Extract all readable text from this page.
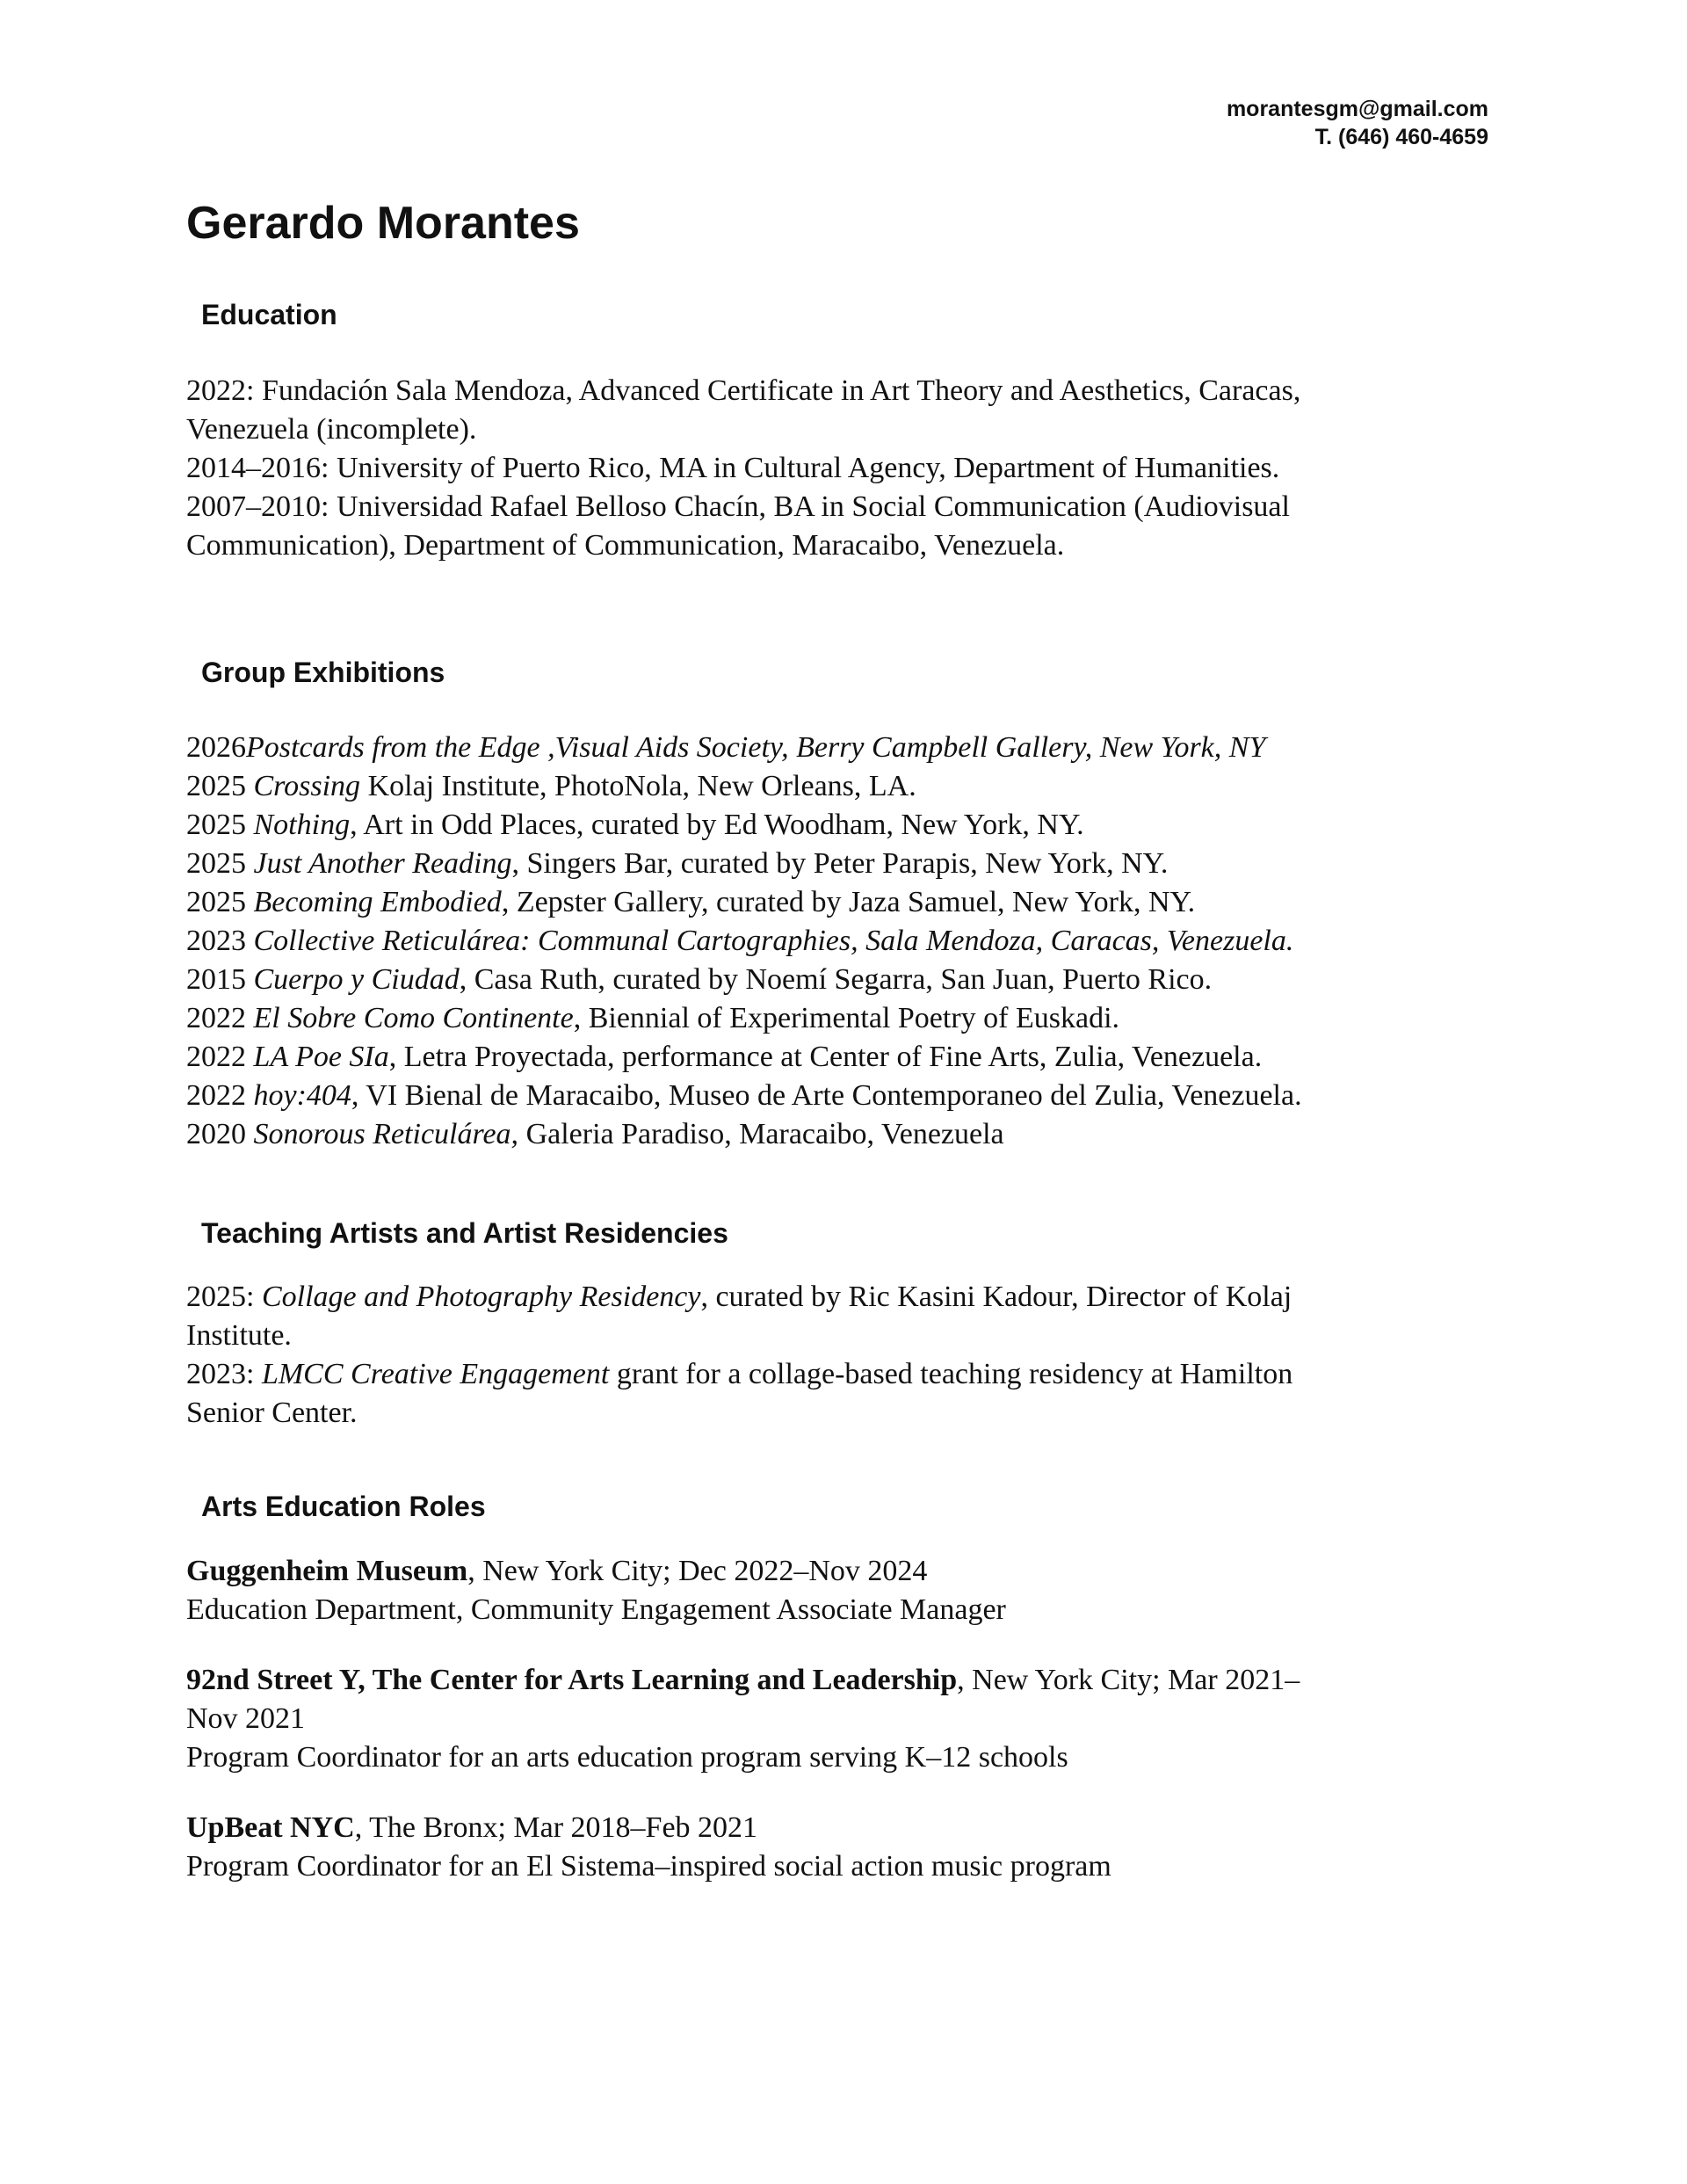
morantesgm@gmail.com
T. (646) 460-4659
Gerardo Morantes
Education
2022: Fundación Sala Mendoza, Advanced Certificate in Art Theory and Aesthetics, Caracas,
Venezuela (incomplete).
2014–2016: University of Puerto Rico, MA in Cultural Agency, Department of Humanities.
2007–2010: Universidad Rafael Belloso Chacín, BA in Social Communication (Audiovisual
Communication), Department of Communication, Maracaibo, Venezuela.
Group Exhibitions
2026Postcards from the Edge ,Visual Aids Society, Berry Campbell Gallery, New York, NY
2025 Crossing Kolaj Institute, PhotoNola, New Orleans, LA.
2025 Nothing, Art in Odd Places, curated by Ed Woodham, New York, NY.
2025 Just Another Reading, Singers Bar, curated by Peter Parapis, New York, NY.
2025 Becoming Embodied, Zepster Gallery, curated by Jaza Samuel, New York, NY.
2023 Collective Reticulárea: Communal Cartographies, Sala Mendoza, Caracas, Venezuela.
2015 Cuerpo y Ciudad, Casa Ruth, curated by Noemí Segarra, San Juan, Puerto Rico.
2022 El Sobre Como Continente, Biennial of Experimental Poetry of Euskadi.
2022 LA Poe SIa, Letra Proyectada, performance at Center of Fine Arts, Zulia, Venezuela.
2022 hoy:404, VI Bienal de Maracaibo, Museo de Arte Contemporaneo del Zulia, Venezuela.
2020 Sonorous Reticulárea, Galeria Paradiso, Maracaibo, Venezuela
Teaching Artists and Artist Residencies
2025: Collage and Photography Residency, curated by Ric Kasini Kadour, Director of Kolaj
Institute.
2023: LMCC Creative Engagement grant for a collage-based teaching residency at Hamilton
Senior Center.
Arts Education Roles
Guggenheim Museum, New York City; Dec 2022–Nov 2024
Education Department, Community Engagement Associate Manager
92nd Street Y, The Center for Arts Learning and Leadership, New York City; Mar 2021–
Nov 2021
Program Coordinator for an arts education program serving K–12 schools
UpBeat NYC, The Bronx; Mar 2018–Feb 2021
Program Coordinator for an El Sistema–inspired social action music program
